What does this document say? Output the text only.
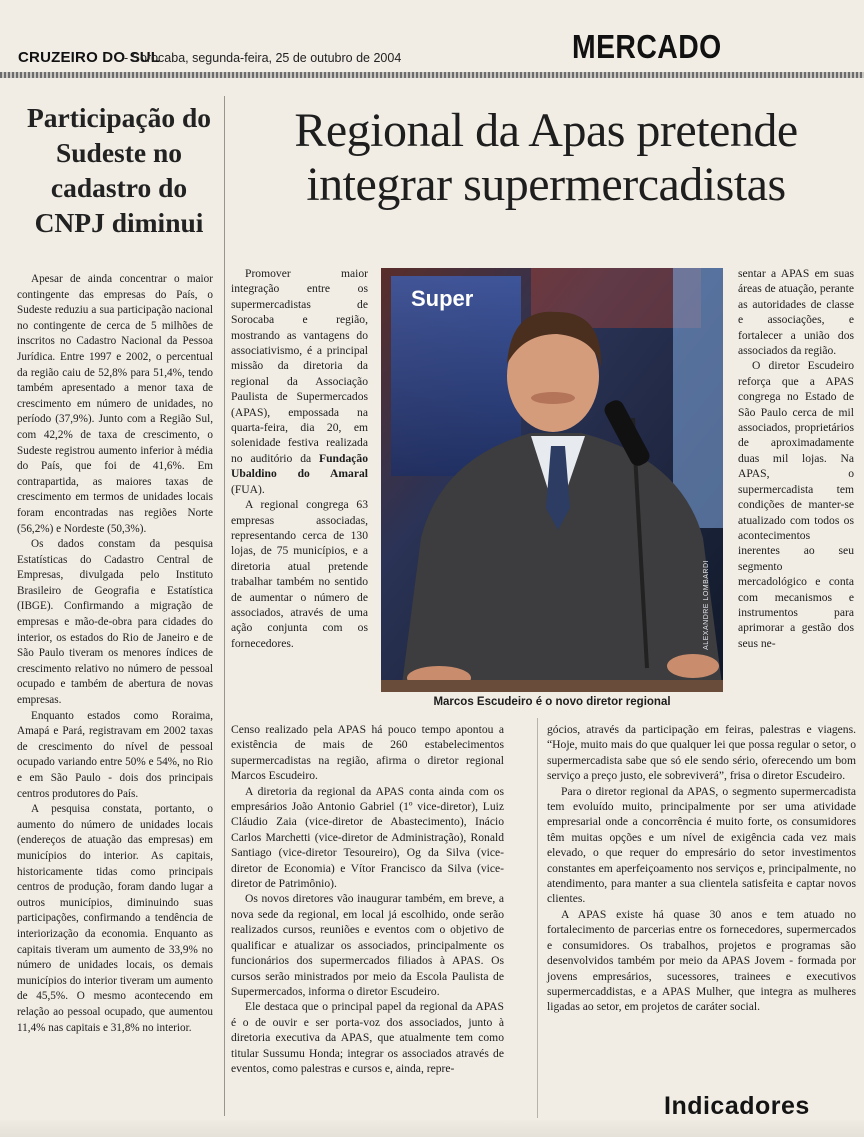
CRUZEIRO DO SUL
- Sorocaba, segunda-feira, 25 de outubro de 2004	MERCADO
Participação do Sudeste no cadastro do CNPJ diminui

Apesar de ainda concentrar o maior contingente das empresas do País, o Sudeste reduziu a sua participação nacional no contingente de cerca de 5 milhões de inscritos no Cadastro Nacional da Pessoa Jurídica. Entre 1997 e 2002, o percentual da região caiu de 52,8% para 51,4%, tendo também apresentado a menor taxa de crescimento em número de unidades, no período (37,9%). Junto com a Região Sul, com 42,2% de taxa de crescimento, o Sudeste registrou aumento inferior à média do País, que foi de 41,6%. Em contrapartida, as maiores taxas de crescimento em termos de unidades locais foram encontradas nas regiões Norte (56,2%) e Nordeste (50,3%).

Os dados constam da pesquisa Estatísticas do Cadastro Central de Empresas, divulgada pelo Instituto Brasileiro de Geografia e Estatística (IBGE). Confirmando a migração de empresas e mão-de-obra para cidades do interior, os estados do Rio de Janeiro e de São Paulo tiveram os menores índices de crescimento relativo no número de pessoal ocupado e também de abertura de novas empresas.

Enquanto estados como Roraima, Amapá e Pará, registravam em 2002 taxas de crescimento do nível de pessoal ocupado variando entre 50% e 54%, no Rio e em São Paulo - dois dos principais centros produtores do País.

A pesquisa constata, portanto, o aumento do número de unidades locais (endereços de atuação das empresas) em municípios do interior. As capitais, historicamente tidas como principais centros de produção, foram dando lugar a outros municípios, diminuindo suas participações, confirmando a tendência de interiorização da economia. Enquanto as capitais tiveram um aumento de 33,9% no número de unidades locais, os demais municípios do interior tiveram um aumento de 45,5%. O mesmo acontecendo em relação ao pessoal ocupado, que aumentou 11,4% nas capitais e 31,8% no interior.

Regional da Apas pretende
integrar supermercadistas

Promover maior integração entre os supermercadistas de Sorocaba e região, mostrando as vantagens do associativismo, é a principal missão da diretoria da regional da Associação Paulista de Supermercados (APAS), empossada na quarta-feira, dia 20, em solenidade festiva realizada no auditório da Fundação Ubaldino do Amaral (FUA).

A regional congrega 63 empresas associadas, representando cerca de 130 lojas, de 75 municípios, e a diretoria atual pretende trabalhar também no sentido de aumentar o número de associados, através de uma ação conjunta com os fornecedores.

Super
ALEXANDRE LOMBARDI
Marcos Escudeiro é o novo diretor regional

sentar a APAS em suas áreas de atuação, perante as autoridades de classe e associações, e fortalecer a união dos associados da região.

O diretor Escudeiro reforça que a APAS congrega no Estado de São Paulo cerca de mil associados, proprietários de aproximadamente duas mil lojas. Na APAS, o supermercadista tem condições de manter-se atualizado com todos os acontecimentos inerentes ao seu segmento mercadológico e conta com mecanismos e instrumentos para aprimorar a gestão dos seus ne-

Censo realizado pela APAS há pouco tempo apontou a existência de mais de 260 estabelecimentos supermercadistas na região, afirma o diretor regional Marcos Escudeiro.

A diretoria da regional da APAS conta ainda com os empresários João Antonio Gabriel (1º vice-diretor), Luiz Cláudio Zaia (vice-diretor de Abastecimento), Inácio Carlos Marchetti (vice-diretor de Administração), Ronald Santiago (vice-diretor Tesoureiro), Og da Silva (vice-diretor de Economia) e Vítor Francisco da Silva (vice-diretor de Patrimônio).

Os novos diretores vão inaugurar também, em breve, a nova sede da regional, em local já escolhido, onde serão realizados cursos, reuniões e eventos com o objetivo de qualificar e atualizar os associados, principalmente os funcionários dos supermercados filiados à APAS. Os cursos serão ministrados por meio da Escola Paulista de Supermercados, informa o diretor Escudeiro.

Ele destaca que o principal papel da regional da APAS é o de ouvir e ser porta-voz dos associados, junto à diretoria executiva da APAS, que atualmente tem como titular Sussumu Honda; integrar os associados através de eventos, como palestras e cursos e, ainda, repre-

gócios, através da participação em feiras, palestras e viagens. “Hoje, muito mais do que qualquer lei que possa regular o setor, o supermercadista sabe que só ele sendo sério, oferecendo um bom serviço a preço justo, ele sobreviverá”, frisa o diretor Escudeiro.

Para o diretor regional da APAS, o segmento supermercadista tem evoluído muito, principalmente por ser uma atividade empresarial onde a concorrência é muito forte, os consumidores têm muitas opções e um nível de exigência cada vez mais elevado, o que requer do empresário do setor investimentos constantes em aperfeiçoamento nos serviços e, principalmente, no atendimento, para manter a sua clientela satisfeita e captar novos clientes.

A APAS existe há quase 30 anos e tem atuado no fortalecimento de parcerias entre os fornecedores, supermercados e consumidores. Os trabalhos, projetos e programas são desenvolvidos também por meio da APAS Jovem - formada por jovens empresários, sucessores, trainees e executivos supermercaddistas, e a APAS Mulher, que integra as mulheres ligadas ao setor, em projetos de caráter social.

Indicadores
